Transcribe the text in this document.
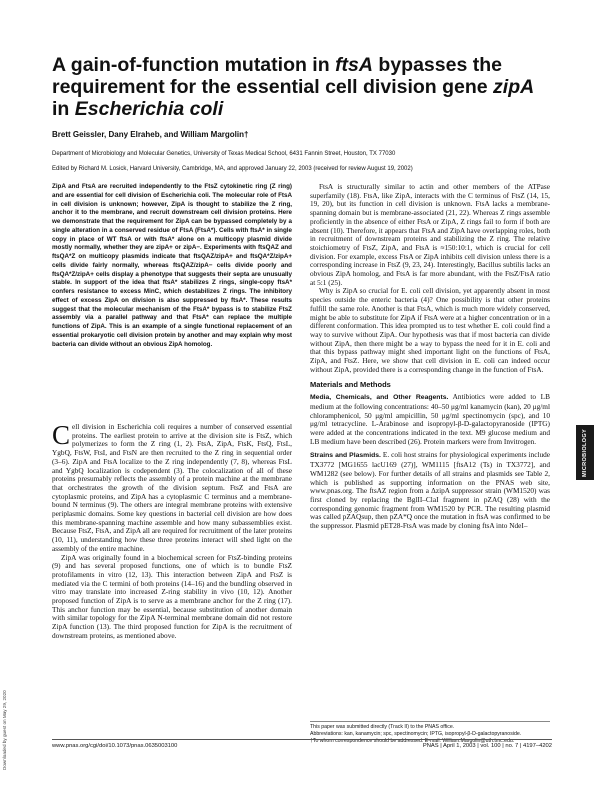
A gain-of-function mutation in ftsA bypasses the requirement for the essential cell division gene zipA in Escherichia coli
Brett Geissler, Dany Elraheb, and William Margolin†
Department of Microbiology and Molecular Genetics, University of Texas Medical School, 6431 Fannin Street, Houston, TX 77030
Edited by Richard M. Losick, Harvard University, Cambridge, MA, and approved January 22, 2003 (received for review August 19, 2002)

ZipA and FtsA are recruited independently to the FtsZ cytokinetic ring (Z ring) and are essential for cell division of Escherichia coli. The molecular role of FtsA in cell division is unknown; however, ZipA is thought to stabilize the Z ring, anchor it to the membrane, and recruit downstream cell division proteins. Here we demonstrate that the requirement for ZipA can be bypassed completely by a single alteration in a conserved residue of FtsA (FtsA*). Cells with ftsA* in single copy in place of WT ftsA or with ftsA* alone on a multicopy plasmid divide mostly normally, whether they are zipA+ or zipA−. Experiments with ftsQAZ and ftsQA*Z on multicopy plasmids indicate that ftsQAZ/zipA+ and ftsQA*Z/zipA+ cells divide fairly normally, whereas ftsQAZ/zipA− cells divide poorly and ftsQA*Z/zipA+ cells display a phenotype that suggests their septa are unusually stable. In support of the idea that ftsA* stabilizes Z rings, single-copy ftsA* confers resistance to excess MinC, which destabilizes Z rings. The inhibitory effect of excess ZipA on division is also suppressed by ftsA*. These results suggest that the molecular mechanism of the FtsA* bypass is to stabilize FtsZ assembly via a parallel pathway and that FtsA* can replace the multiple functions of ZipA. This is an example of a single functional replacement of an essential prokaryotic cell division protein by another and may explain why most bacteria can divide without an obvious ZipA homolog.

Cell division in Escherichia coli requires a number of conserved essential proteins. The earliest protein to arrive at the division site is FtsZ, which polymerizes to form the Z ring (1, 2). FtsA, ZipA, FtsK, FtsQ, FtsL, YgbQ, FtsW, FtsI, and FtsN are then recruited to the Z ring in sequential order (3–6). ZipA and FtsA localize to the Z ring independently (7, 8), whereas FtsL and YgbQ localization is codependent (3). The colocalization of all of these proteins presumably reflects the assembly of a protein machine at the membrane that orchestrates the growth of the division septum. FtsZ and FtsA are cytoplasmic proteins, and ZipA has a cytoplasmic C terminus and a membrane-bound N terminus (9). The others are integral membrane proteins with extensive periplasmic domains. Some key questions in bacterial cell division are how does this membrane-spanning machine assemble and how many subassemblies exist. Because FtsZ, FtsA, and ZipA all are required for recruitment of the later proteins (10, 11), understanding how these three proteins interact will shed light on the assembly of the entire machine.

ZipA was originally found in a biochemical screen for FtsZ-binding proteins (9) and has several proposed functions, one of which is to bundle FtsZ protofilaments in vitro (12, 13). This interaction between ZipA and FtsZ is mediated via the C termini of both proteins (14–16) and the bundling observed in vitro may translate into increased Z-ring stability in vivo (10, 12). Another proposed function of ZipA is to serve as a membrane anchor for the Z ring (17). This anchor function may be essential, because substitution of another domain with similar topology for the ZipA N-terminal membrane domain did not restore ZipA function (13). The third proposed function for ZipA is the recruitment of downstream proteins, as mentioned above.

FtsA is structurally similar to actin and other members of the ATPase superfamily (18). FtsA, like ZipA, interacts with the C terminus of FtsZ (14, 15, 19, 20), but its function in cell division is unknown. FtsA lacks a membrane-spanning domain but is membrane-associated (21, 22). Whereas Z rings assemble proficiently in the absence of either FtsA or ZipA, Z rings fail to form if both are absent (10). Therefore, it appears that FtsA and ZipA have overlapping roles, both in recruitment of downstream proteins and stabilizing the Z ring. The relative stoichiometry of FtsZ, ZipA, and FtsA is ≈150:10:1, which is crucial for cell division. For example, excess FtsA or ZipA inhibits cell division unless there is a corresponding increase in FtsZ (9, 23, 24). Interestingly, Bacillus subtilis lacks an obvious ZipA homolog, and FtsA is far more abundant, with the FtsZ/FtsA ratio at 5:1 (25).

Why is ZipA so crucial for E. coli cell division, yet apparently absent in most species outside the enteric bacteria (4)? One possibility is that other proteins fulfill the same role. Another is that FtsA, which is much more widely conserved, might be able to substitute for ZipA if FtsA were at a higher concentration or in a different conformation. This idea prompted us to test whether E. coli could find a way to survive without ZipA. Our hypothesis was that if most bacteria can divide without ZipA, then there might be a way to bypass the need for it in E. coli and that this bypass pathway might shed important light on the functions of FtsA, ZipA, and FtsZ. Here, we show that cell division in E. coli can indeed occur without ZipA, provided there is a corresponding change in the function of FtsA.

Materials and Methods

Media, Chemicals, and Other Reagents. Antibiotics were added to LB medium at the following concentrations: 40–50 μg/ml kanamycin (kan), 20 μg/ml chloramphenicol, 50 μg/ml ampicillin, 50 μg/ml spectinomycin (spc), and 10 μg/ml tetracycline. L-Arabinose and isopropyl-β-D-galactopyranoside (IPTG) were added at the concentrations indicated in the text. M9 glucose medium and LB medium have been described (26). Protein markers were from Invitrogen.

Strains and Plasmids. E. coli host strains for physiological experiments include TX3772 [MG1655 lacU169 (27)], WM1115 [ftsA12 (Ts) in TX3772], and WM1282 (see below). For further details of all strains and plasmids see Table 2, which is published as supporting information on the PNAS web site, www.pnas.org. The ftsAZ region from a ΔzipA suppressor strain (WM1520) was first cloned by replacing the BglII–ClaI fragment in pZAQ (28) with the corresponding genomic fragment from WM1520 by PCR. The resulting plasmid was called pZAQsup, then pZA*Q once the mutation in ftsA was confirmed to be the suppressor. Plasmid pET28-FtsA was made by cloning ftsA into NdeI–

This paper was submitted directly (Track II) to the PNAS office.
Abbreviations: kan, kanamycin; spc, spectinomycin; IPTG, isopropyl-β-D-galactopyranoside.
†To whom correspondence should be addressed. E-mail: William.Margolin@uth.tmc.edu.
www.pnas.org/cgi/doi/10.1073/pnas.0635003100	PNAS | April 1, 2003 | vol. 100 | no. 7 | 4197–4202
MICROBIOLOGY
Downloaded by guest on May 29, 2020
